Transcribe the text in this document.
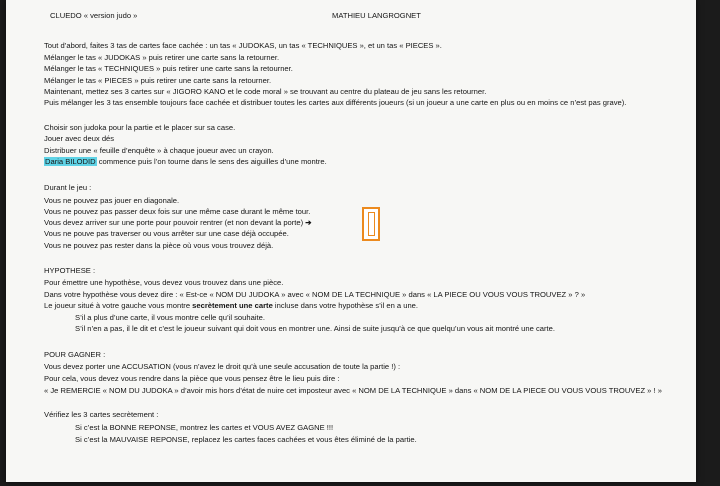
CLUEDO « version judo »	MATHIEU LANGROGNET
Tout d’abord, faites 3 tas de cartes face cachée : un tas « JUDOKAS, un tas « TECHNIQUES », et un tas « PIECES ».
Mélanger le tas « JUDOKAS » puis retirer une carte sans la retourner.
Mélanger le tas « TECHNIQUES » puis retirer une carte sans la retourner.
Mélanger le tas « PIECES » puis retirer une carte sans la retourner.
Maintenant, mettez ses 3 cartes sur « JIGORO KANO et le code moral » se trouvant au centre du plateau de jeu sans les retourner.
Puis mélanger les 3 tas ensemble toujours face cachée et distribuer toutes les cartes aux différents joueurs (si un joueur a une carte en plus ou en moins ce n’est pas grave).
Choisir son judoka pour la partie et le placer sur sa case.
Jouer avec deux dés
Distribuer une « feuille d’enquête » à chaque joueur avec un crayon.
Daria BILODID commence puis l’on tourne dans le sens des aiguilles d’une montre.
Durant le jeu :
Vous ne pouvez pas jouer en diagonale.
Vous ne pouvez pas passer deux fois sur une même case durant le même tour.
Vous devez arriver sur une porte pour pouvoir rentrer (et non devant la porte) ➔
Vous ne pouve pas traverser ou vous arrêter sur une case déjà occupée.
Vous ne pouvez pas rester dans la pièce où vous vous trouvez déjà.
HYPOTHESE :
Pour émettre une hypothèse, vous devez vous trouvez dans une pièce.
Dans votre hypothèse vous devez dire : « Est-ce « NOM DU JUDOKA » avec « NOM DE LA TECHNIQUE » dans « LA PIECE OU VOUS VOUS TROUVEZ » ? »
Le joueur situé à votre gauche vous montre secrètement une carte incluse dans votre hypothèse s’il en a une.
S’il a plus d’une carte, il vous montre celle qu’il souhaite.
S’il n’en a pas, il le dit et c’est le joueur suivant qui doit vous en montrer une. Ainsi de suite jusqu’à ce que quelqu’un vous ait montré une carte.
POUR GAGNER :
Vous devez porter une ACCUSATION (vous n’avez le droit qu’à une seule accusation de toute la partie !) :
Pour cela, vous devez vous rendre dans la pièce que vous pensez être le lieu puis dire :
« Je REMERCIE « NOM DU JUDOKA » d’avoir mis hors d’état de nuire cet imposteur avec « NOM DE LA TECHNIQUE » dans « NOM DE LA PIECE OU VOUS VOUS TROUVEZ » ! »
Vérifiez les 3 cartes secrètement :
Si c’est la BONNE REPONSE, montrez les cartes et VOUS AVEZ GAGNE !!!
Si c’est la MAUVAISE REPONSE, replacez les cartes faces cachées et vous êtes éliminé de la partie.
